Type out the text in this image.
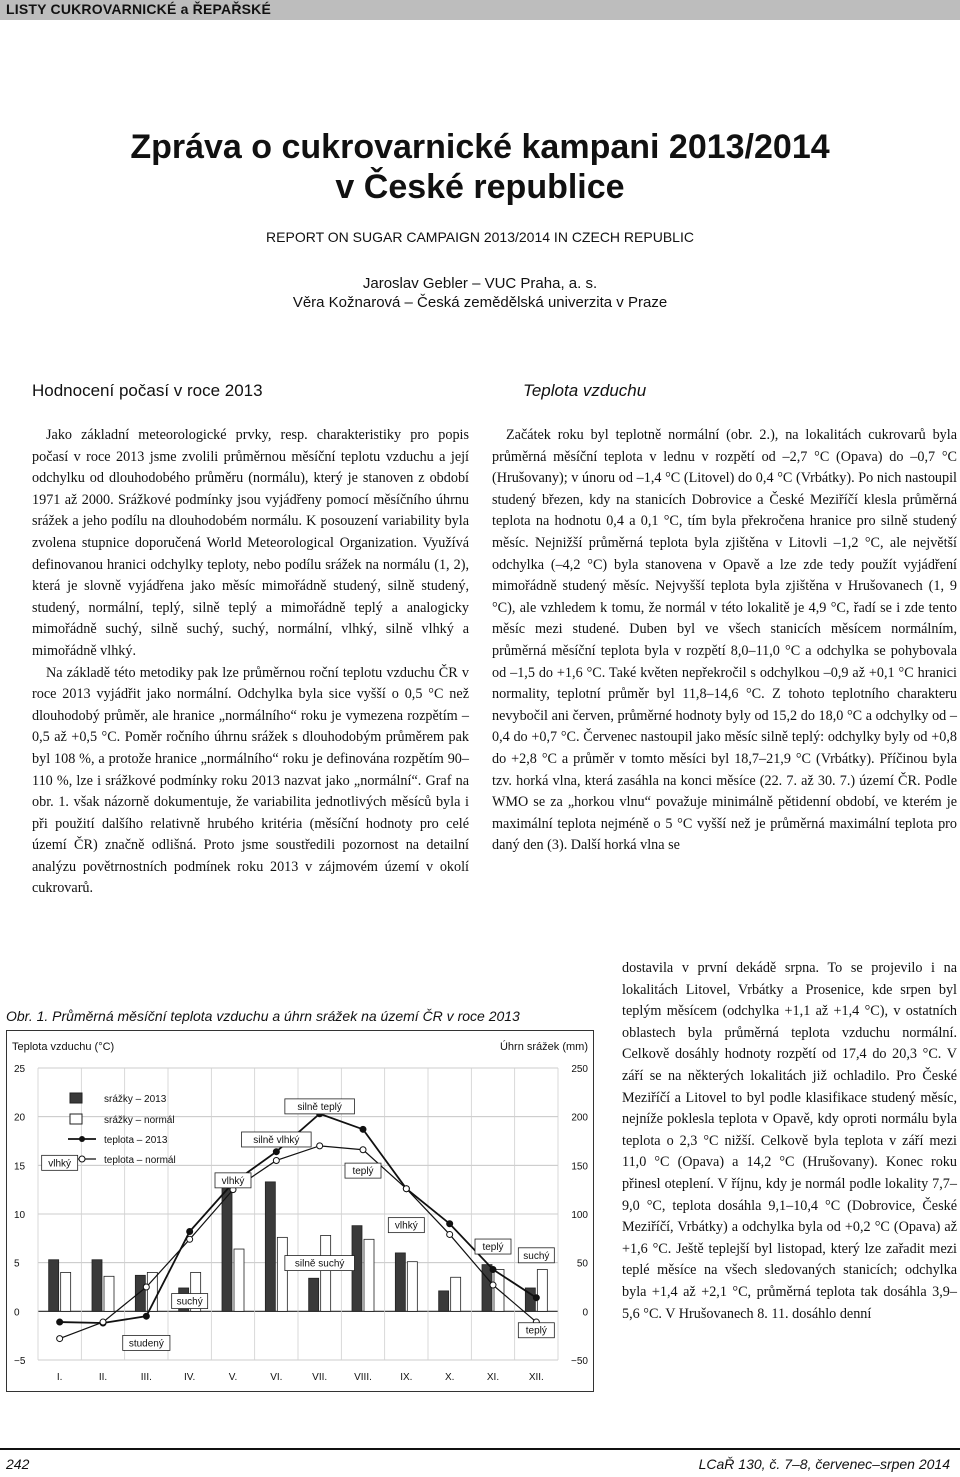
LISTY CUKROVARNICKÉ a ŘEPAŘSKÉ
Zpráva o cukrovarnické kampani 2013/2014
v České republice
REPORT ON SUGAR CAMPAIGN 2013/2014 IN CZECH REPUBLIC
Jaroslav Gebler – VUC Praha, a. s.
Věra Kožnarová – Česká zemědělská univerzita v Praze
Hodnocení počasí v roce 2013	Teplota vzduchu

Jako základní meteorologické prvky, resp. charakteristiky pro popis počasí v roce 2013 jsme zvolili průměrnou měsíční teplotu vzduchu a její odchylku od dlouhodobého průměru (normálu), který je stanoven z období 1971 až 2000. Srážkové podmínky jsou vyjádřeny pomocí měsíčního úhrnu srážek a jeho podílu na dlouhodobém normálu. K posouzení variability byla zvolena stupnice doporučená World Meteorological Organization. Využívá definovanou hranici odchylky teploty, nebo podílu srážek na normálu (1, 2), která je slovně vyjádřena jako měsíc mimořádně studený, silně studený, studený, normální, teplý, silně teplý a mimořádně teplý a analogicky mimořádně suchý, silně suchý, suchý, normální, vlhký, silně vlhký a mimořádně vlhký.

Na základě této metodiky pak lze průměrnou roční teplotu vzduchu ČR v roce 2013 vyjádřit jako normální. Odchylka byla sice vyšší o 0,5 °C než dlouhodobý průměr, ale hranice „normálního“ roku je vymezena rozpětím –0,5 až +0,5 °C. Poměr ročního úhrnu srážek s dlouhodobým průměrem pak byl 108 %, a protože hranice „normálního“ roku je definována rozpětím 90–110 %, lze i srážkové podmínky roku 2013 nazvat jako „normální“. Graf na obr. 1. však názorně dokumentuje, že variabilita jednotlivých měsíců byla i při použití dalšího relativně hrubého kritéria (měsíční hodnoty pro celé území ČR) značně odlišná. Proto jsme soustředili pozornost na detailní analýzu povětrnostních podmínek roku 2013 v zájmovém území v okolí cukrovarů.

Začátek roku byl teplotně normální (obr. 2.), na lokalitách cukrovarů byla průměrná měsíční teplota v lednu v rozpětí od –2,7 °C (Opava) do –0,7 °C (Hrušovany); v únoru od –1,4 °C (Litovel) do 0,4 °C (Vrbátky). Po nich nastoupil studený březen, kdy na stanicích Dobrovice a České Meziříčí klesla průměrná teplota na hodnotu 0,4 a 0,1 °C, tím byla překročena hranice pro silně studený měsíc. Nejnižší průměrná teplota byla zjištěna v Litovli –1,2 °C, ale největší odchylka (–4,2 °C) byla stanovena v Opavě a lze zde tedy použít vyjádření mimořádně studený měsíc. Nejvyšší teplota byla zjištěna v Hrušovanech (1, 9 °C), ale vzhledem k tomu, že normál v této lokalitě je 4,9 °C, řadí se i zde tento měsíc mezi studené. Duben byl ve všech stanicích měsícem normálním, průměrná měsíční teplota byla v rozpětí 8,0–11,0 °C a odchylka se pohybovala od –1,5 do +1,6 °C. Také květen nepřekročil s odchylkou –0,9 až +0,1 °C hranici normality, teplotní průměr byl 11,8–14,6 °C. Z tohoto teplotního charakteru nevybočil ani červen, průměrné hodnoty byly od 15,2 do 18,0 °C a odchylky od –0,4 do +0,7 °C. Červenec nastoupil jako měsíc silně teplý: odchylky byly od +0,8 do +2,8 °C a průměr v tomto měsíci byl 18,7–21,9 °C (Vrbátky). Příčinou byla tzv. horká vlna, která zasáhla na konci měsíce (22. 7. až 30. 7.) území ČR. Podle WMO se za „horkou vlnu“ považuje minimálně pětidenní období, ve kterém je maximální teplota nejméně o 5 °C vyšší než je průměrná maximální teplota pro daný den (3). Další horká vlna se

dostavila v první dekádě srpna. To se projevilo i na lokalitách Litovel, Vrbátky a Prosenice, kde srpen byl teplým měsícem (odchylka +1,1 až +1,4 °C), v ostatních oblastech byla průměrná teplota vzduchu normální. Celkově dosáhly hodnoty rozpětí od 17,4 do 20,3 °C. V září se na některých lokalitách již ochladilo. Pro České Meziříčí a Litovel to byl podle klasifikace studený měsíc, nejníže poklesla teplota v Opavě, kdy oproti normálu byla teplota o 2,3 °C nižší. Celkově byla teplota v září mezi 11,0 °C (Opava) a 14,2 °C (Hrušovany). Konec roku přinesl oteplení. V říjnu, kdy je normál podle lokality 7,7–9,0 °C, teplota dosáhla 9,1–10,4 °C (Dobrovice, České Meziříčí, Vrbátky) a odchylka byla od +0,2 °C (Opava) až +1,6 °C. Ještě teplejší byl listopad, který lze zařadit mezi teplé měsíce na všech sledovaných stanicích; odchylka byla +1,4 až +2,1 °C, průměrná teplota tak dosáhla 3,9–5,6 °C. V Hrušovanech 8. 11. dosáhlo denní

Obr. 1. Průměrná měsíční teplota vzduchu a úhrn srážek na území ČR v roce 2013
Teplota vzduchu (°C)	Úhrn srážek (mm)
25	250
20	200
15	150
10	100
5	50
0	0
−5	−50
I.	II.	III.	IV.	V.	VI.	VII.	VIII.	IX.	X.	XI.	XII.
srážky – 2013
srážky – normál
teplota – 2013
teplota – normál
vlhký
studený
suchý
vlhký
silně vlhký
silně suchý
silně teplý
teplý
vlhký
teplý
suchý
teplý
242	LCaŘ 130, č. 7–8, červenec–srpen 2014
